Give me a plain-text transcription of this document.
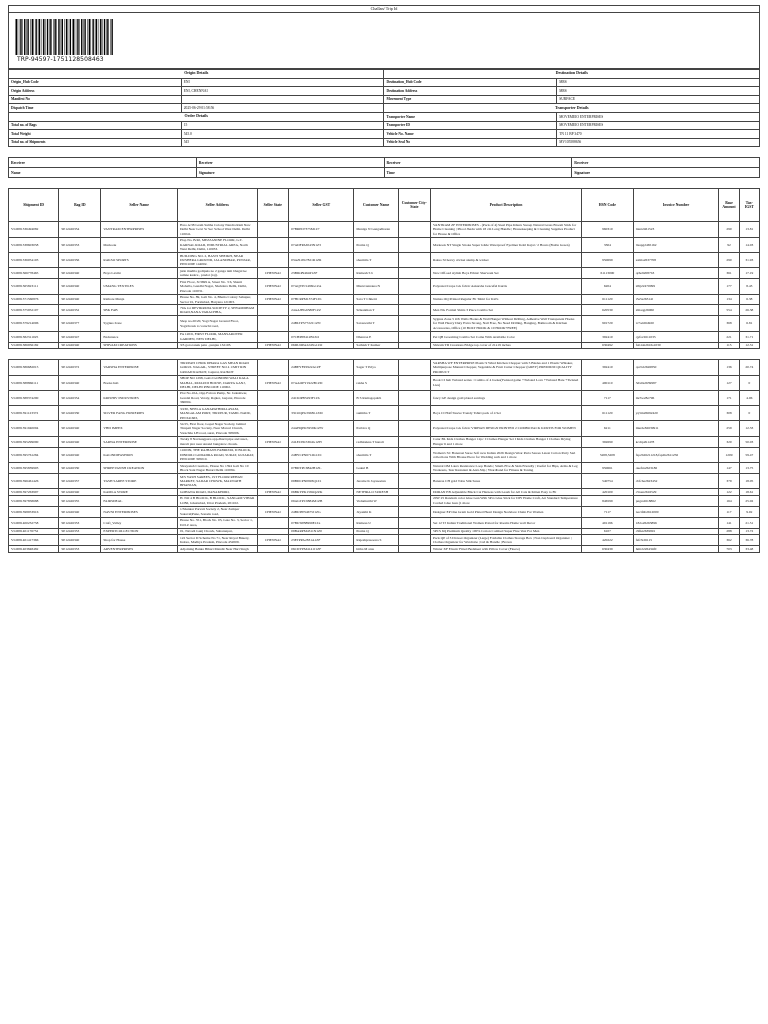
Challan/ Trip Id
TRP-94597-175112850846​3
Origin Details		Destination Details	
Origin_Hub Code	ENI	Destination_Hub Code	MRS
Origin Address	ENI, CHENNAI	Destination Address	MRS
Manifest No		Movement Type	SURFACE
Dispatch Time	2025-06-29 01:58:56	Transporter Details	
Order Details		Transporter Name	MOVEMEIO ENTERPRISES
Total no. of Bags	15	Transporter ID	MOVEMEIO ENTERPRISES
Total Weight	545.0	Vehicle No. Name	TN 11 BP 3470
Total no. of Shipments	545	Vehicle Seal No	MV105588656
Receiver	Receiver	Receiver	Receiver
Name	Signature	Time	Signature
Shipment ID	Bag ID	Seller Name	Seller Address	Seller State	Seller GST	Customer Name	Customer City-State	Product Description	HSN Code	Invoice Number	Base Amount	Tax-IGST
VL0081336494082	SP12426354	VANTRAM ENTERPRISES	H.no A/38 Gram Sultha Colony Nandra Ram New Delhi Near Govt Sr Sec School West Delhi. Delhi 110041.		07BRPD7375M1Z7	Meniga N Gangadharan		VANTRAM ZF ENTERPRISES - (Pack of 4) Steel Pipe Khuru Sweep Natural Grass Broom Stick for Home Cleaning | Phool Jhadu with 18 cm Long Handle | Housekeeping & Cleaning Supplies Product for House & Office	960310	liant2461523	290	13.81
VL0081338603058	SP12426353	Markook	Plop No. B/40, MEZZANINE FLOOR, G.T. KARNAL ROAD, INDUSTRIAL AREA, North West Delhi, Delhi, 110033.		07ADFPA6543N1Z3	Prema Q		Markook NT Single Stroke Super Glide Waterproof Eyeliner Kohl Kajal / 2 Hours (Bottle Green)	3304	lleapg2465162	92	14.03
VL0081336054103	SP12426356	RAKSO SPORTS	BUILDING NO. 2, BASTI SHEIKH, NEAR DUSHERA GROUND, JALANDHAR, PUNJAR, PINCODE 144002.		03AZLPK7821R1ZR	sharmila T		Rakso SI heavy cricket stump & wicket	950699	ssthla2637708	290	31.93
VL0081366778465	SP12426340	Boys Laxmi	jatin mudila godipuis no 2 ganga nim bhagal ke samne kasiru , pradot (raj).	CHENNAI	23BIKP9464P1ZF	Ramesh S b		New Off-sed stylish Boys Ethnic Sherwani Set	61113000	qr6e92087b3	361	17.19
VL0081365823111	SP12426340	UMANG TEXTILES	First Floor, X/3699 A, Street No. 3 6, Shanti Mohalla, Gandhi Nagar, Shahdara Delhi, Delhi, Pincode 110031.	CHENNAI	07AQVPJ1496G1ZA	Muruvannaiea N		Polyester/Crepe GG fabric Aakarsha Graceful Kurtis	6204	z8ij22470099	177	8.43
VL0081371560876	SP12426340	Rathore Manja	House No. 89, Gali No. 4, Bhatia Colony Sahupur, Sector 91, Faridabad, Haryana 121003.	CHENNAI	07HCRPM1374F1Zb	Sara T Chhetri		Namas OQ Printed Regular Fit Tshirt for Kid's	611120	t5a5s26314l	134	6.38
VL0081375952107	SP12426352	SBK FAB	79A 1st DEVIKRUPA SOCIETY 2, SHYAMDHAM ROAD,NANA VARACHHA,		24AAJHG6580F1ZZ	Srikanthan T		Men NG Formal Shirts 3 Piece Combo Set	620530	2maqg26060	554	26.38
VL0081379214006	SP12426377	Sygnus Zone	Shop no.20/20, Yogi Nagar Ground Floor, Yogichowk to varachi road,		24BLTPS7722C1ZN	Saraswathi T		Sygnus Zone 5 OX Walls Hooks & Wall Hanger Without Drilling, Adhesive Wall Transparent Hooks for Wall Heavy Duty Extra Strong, Nail Free, No Need Drilling, Hanging, Bathroom & Kitchen Accessories, Office (10 BOLT HOOK & 10 HOOK+FREE)	901720	tc7ad264920	368	6.81
VL0081382311025	SP12426347	Endurance	FA 120/6, FIRST FLOOR, MANSAROVER GARDEN, NEW DELHI,		07CHPP8412B1ZO	Dhanraa E		Pet QB Grooming Combo Set Come With Available Color	392410	qyfsv2611035	221	31.71
VL0081386956182	SP12426340	SHIVAM CREATIONS	3/3 gora tanak patu , punjau 132103.	CHENNAI	06DUOPA2245G1ZO	Sathish T Kumar		Shivam TD Creations Fridge top cover of 21x19 inches	630492	fub1sh2616s1030	115	12.31

VL0081386682015	SP12426372	VARSHA ENTERPRISE	TIRUPATI CHOK DHARA GAS MEAN ROAD GOKUL NAGAR., STREET NO 4 1/MIT RIN GROAD RAJKOT, Gujarat, RAJKOT		24BEYFP2922A1ZF	Sagar T Priya		VARSHA WF ENTERPRISE Plastic 9 Wind Kitchen Chopper with 5 Blades and 1 Plastic Whisker, Multipurpose Manual Chopper, Vegetable & Fruit Cutter Chopper (GREY) PREMIUM QUALITY PRODUCT	392410	qsvb22626850	136	20.74
VL0081388866111	SP12426340	Books hub	SHOP NO 1298, GALI GONDINI WALI KALA MAHAL, PATAUDI HOUSE, DARYA GANJ, DELHI, DELHI PINCODE 110002.	CHENNAI	07AAOPY1922B1ZD	rekha S		Book CI hub Twisted series : Combo of 4 books(Twisted game +Twisted Love +Twisted Hate +Twisted Lies)	490110	3dx0a2639987	127	0
VL0081388374290	SP12426354	KRISHIV INDUSTRIES	Plot No.10A, Opp Falcon Pump, Nr. Jadeshwar, Gondal Road, Veraly, Rajkot, Gujarat, Pincode 360004.		24CIOPB5293F1Zh	B S Ramagopalrh		fancy GE design gold plated earrings	7117	mr5w28z796	171	4.06
VL0081391123372	SP12426330	SILVER FANG HOSIERIES	3/230, NEELA GANAPATHIPALAYAM, MANGALAM PORT, TIRUPUR, TAMIL NADU, PIN 641663,		33COQPG5968L1ZM	sumitha T		Boys CI Half Sleeve Trendy Tshirt pack of 4 Set	611120	yq5m26692420	308	0
VL0081391940094	SP12426340	VHD IMPEX	54.55, First floor, Gopal Nagar Society, behind Tirupati Nagar Society, Near Marcel Church, Varachha LH road, surat, Pincode 395006.		24AHQPK5959K1ZW	Parbica Q		Polyester/Crepe GG fabric VIRHAN DESIGN PRINTED 2 COMBO PACK KURTIS FOR WOMEN	6211	mkrde82639911	259	12.33
VL0081395299090	SP12426340	SARWA ENTERPRISE	Twsky 8 Navnaagpura opp.dharti pipe and steel., marali plot near Anand bungalow chowk.	CHENNAI	24LECPK5364G1ZH	radhirekna T hanali		Catar BL Kids Clothes Hanger 12pc I Clothes Hanger Set I Kids Clothes Hanger I Clothes Drying Hanger 6 and 1 more	392690	kcdrp2h1478	320	50.03
VL0081395761284	SP12426340	KALINDIFASHION	1160/09, THE RAJHANS FABRIZIO, D BLOCK, DINDOLI GODADRA ROAD, SURAT, GUJARAT, PINCODE 395010.		24BYCPN6712K1ZC	sharmila T		Women's SC Banarasi Saree Soft new Indian 2026 Design Wear Parta Sarees Latest Cotton Party Sari collections With Blouse Piece for Wedding sarh and 1 more	5208,5208	fsp2b26211218,fsp2h2611256	1209	59.47
VL0081395839903	SP12426330	SHREEVANSH CREATION	Shreyansh Creation , House No 1394 Gali No 10 Block Sant Nagar Burari Delhi 110084.		07BDTPC8842H1ZL	Gokul B		Natural OM Latex Resistance Loop Bands | Small-Five & Skin Friendly | Useful for Hips, Arms & Leg Workouts, Tear Resistant & Anti-Slip | Yhardband for Fitness & Toning	950661	okefrn2623186	147	13.75
VL0081396461426	SP12426357	YASH SAREE STORE	M/S YASH SAREES, 1ST FLOOR REHAN MARKET, SADAR CHOWK, MAUNATH BHANJAN,		09BDCPN0993Q1Z1	Jerome K Jayaseelan		Banaras CH gold Tobu Silk Saree	540754	cbfcha2623452	379	18.05
VL0081397263997	SP12426340	KAMLA STORE	GOHANA ROAD, DANAKHORI,	CHENNAI	06BKYPK1584Q2ZK	NETHRA O SURESH		DORAN EB Adjustable Black Cat Harness with Leash for All Cats & Kitten Easy to Fit	420100	c5xen2616529	122	18.61
VL0081397858688	SP12426355	FAIRSDEAL	H. NO 4 B BLOCK, B BLOCK , SANGAM VIHAR LONI, Ghaziabad, Uttar Pradesh, 201102.		09AGTPC9884M1ZB	Vedamurthi W		20W 25 Random color Glue Gun With 5Pcs Glue Stick for DIY Home Craft, Art Standard Temperature Corded Glue Gun (1 more	846599	pngrs2618862	164	25.02
VL0081398953916	SP12426340	NAVNI ENTERPRISES	1/Shankar Parvati Society 2, Near Zampar Sokaval|Pune, Sonada road,	CHENNAI	24BUPPN4675J1ZG	Jayanthi K		Designer EP One Gram Gold Plated Heart Design Necklace Chain For Women	7117	nacif4b2612000	117	9.02
VL0081400232758	SP12426353	Craft_Valley	House No. 351, Block No. 03, Gate No. 3, Sector 1, D.D.Z Area,		07BUSPB8999E1Za	Ramesa U		Set 12 TJ Indian Traditional Women Potted for Rooms Home wall Decor	491196	182o26263896	141	21.51
VL0081401176752	SP12426353	EXPERTCOLLECTION	01, Navadi Gunj Chowk, Saharanpur,		09BARPM4311N1Z0	Prema Q		5PCS 6Q Premium Quality 100% Cotton Combed Super Fine Vest For Men	6107	c9fki2639991	288	13.72
VL0081401417366	SP12426340	Shop for House	122 Sector D Scheme No 71, Near Royal Bakery, Indore, Madhya Pradesh, Pincode 452009.	CHENNAI	23ETPPA2831A1ZF	Rajeshprasoona S		Pack QP of 3 Drawer Organizer (Large) Foldable Clothes Storage Box | Non Cupboard Organizer | Clothes Organizer for Wardrobe | Lid & Handle | Brown	420222	fsfr5t26115	362	36.78
VL0081403848482	SP12426353	ARVENTERPRISES	Adjoining Banka Bihari Mandir Near Hari Singh		06CDYPM4141J1ZF	hitha M arsu		Winter XF Elastic Fitted Bedsheet with Pillow Cover (Fleece)	630439	hmt2226434f0	703	33.48
